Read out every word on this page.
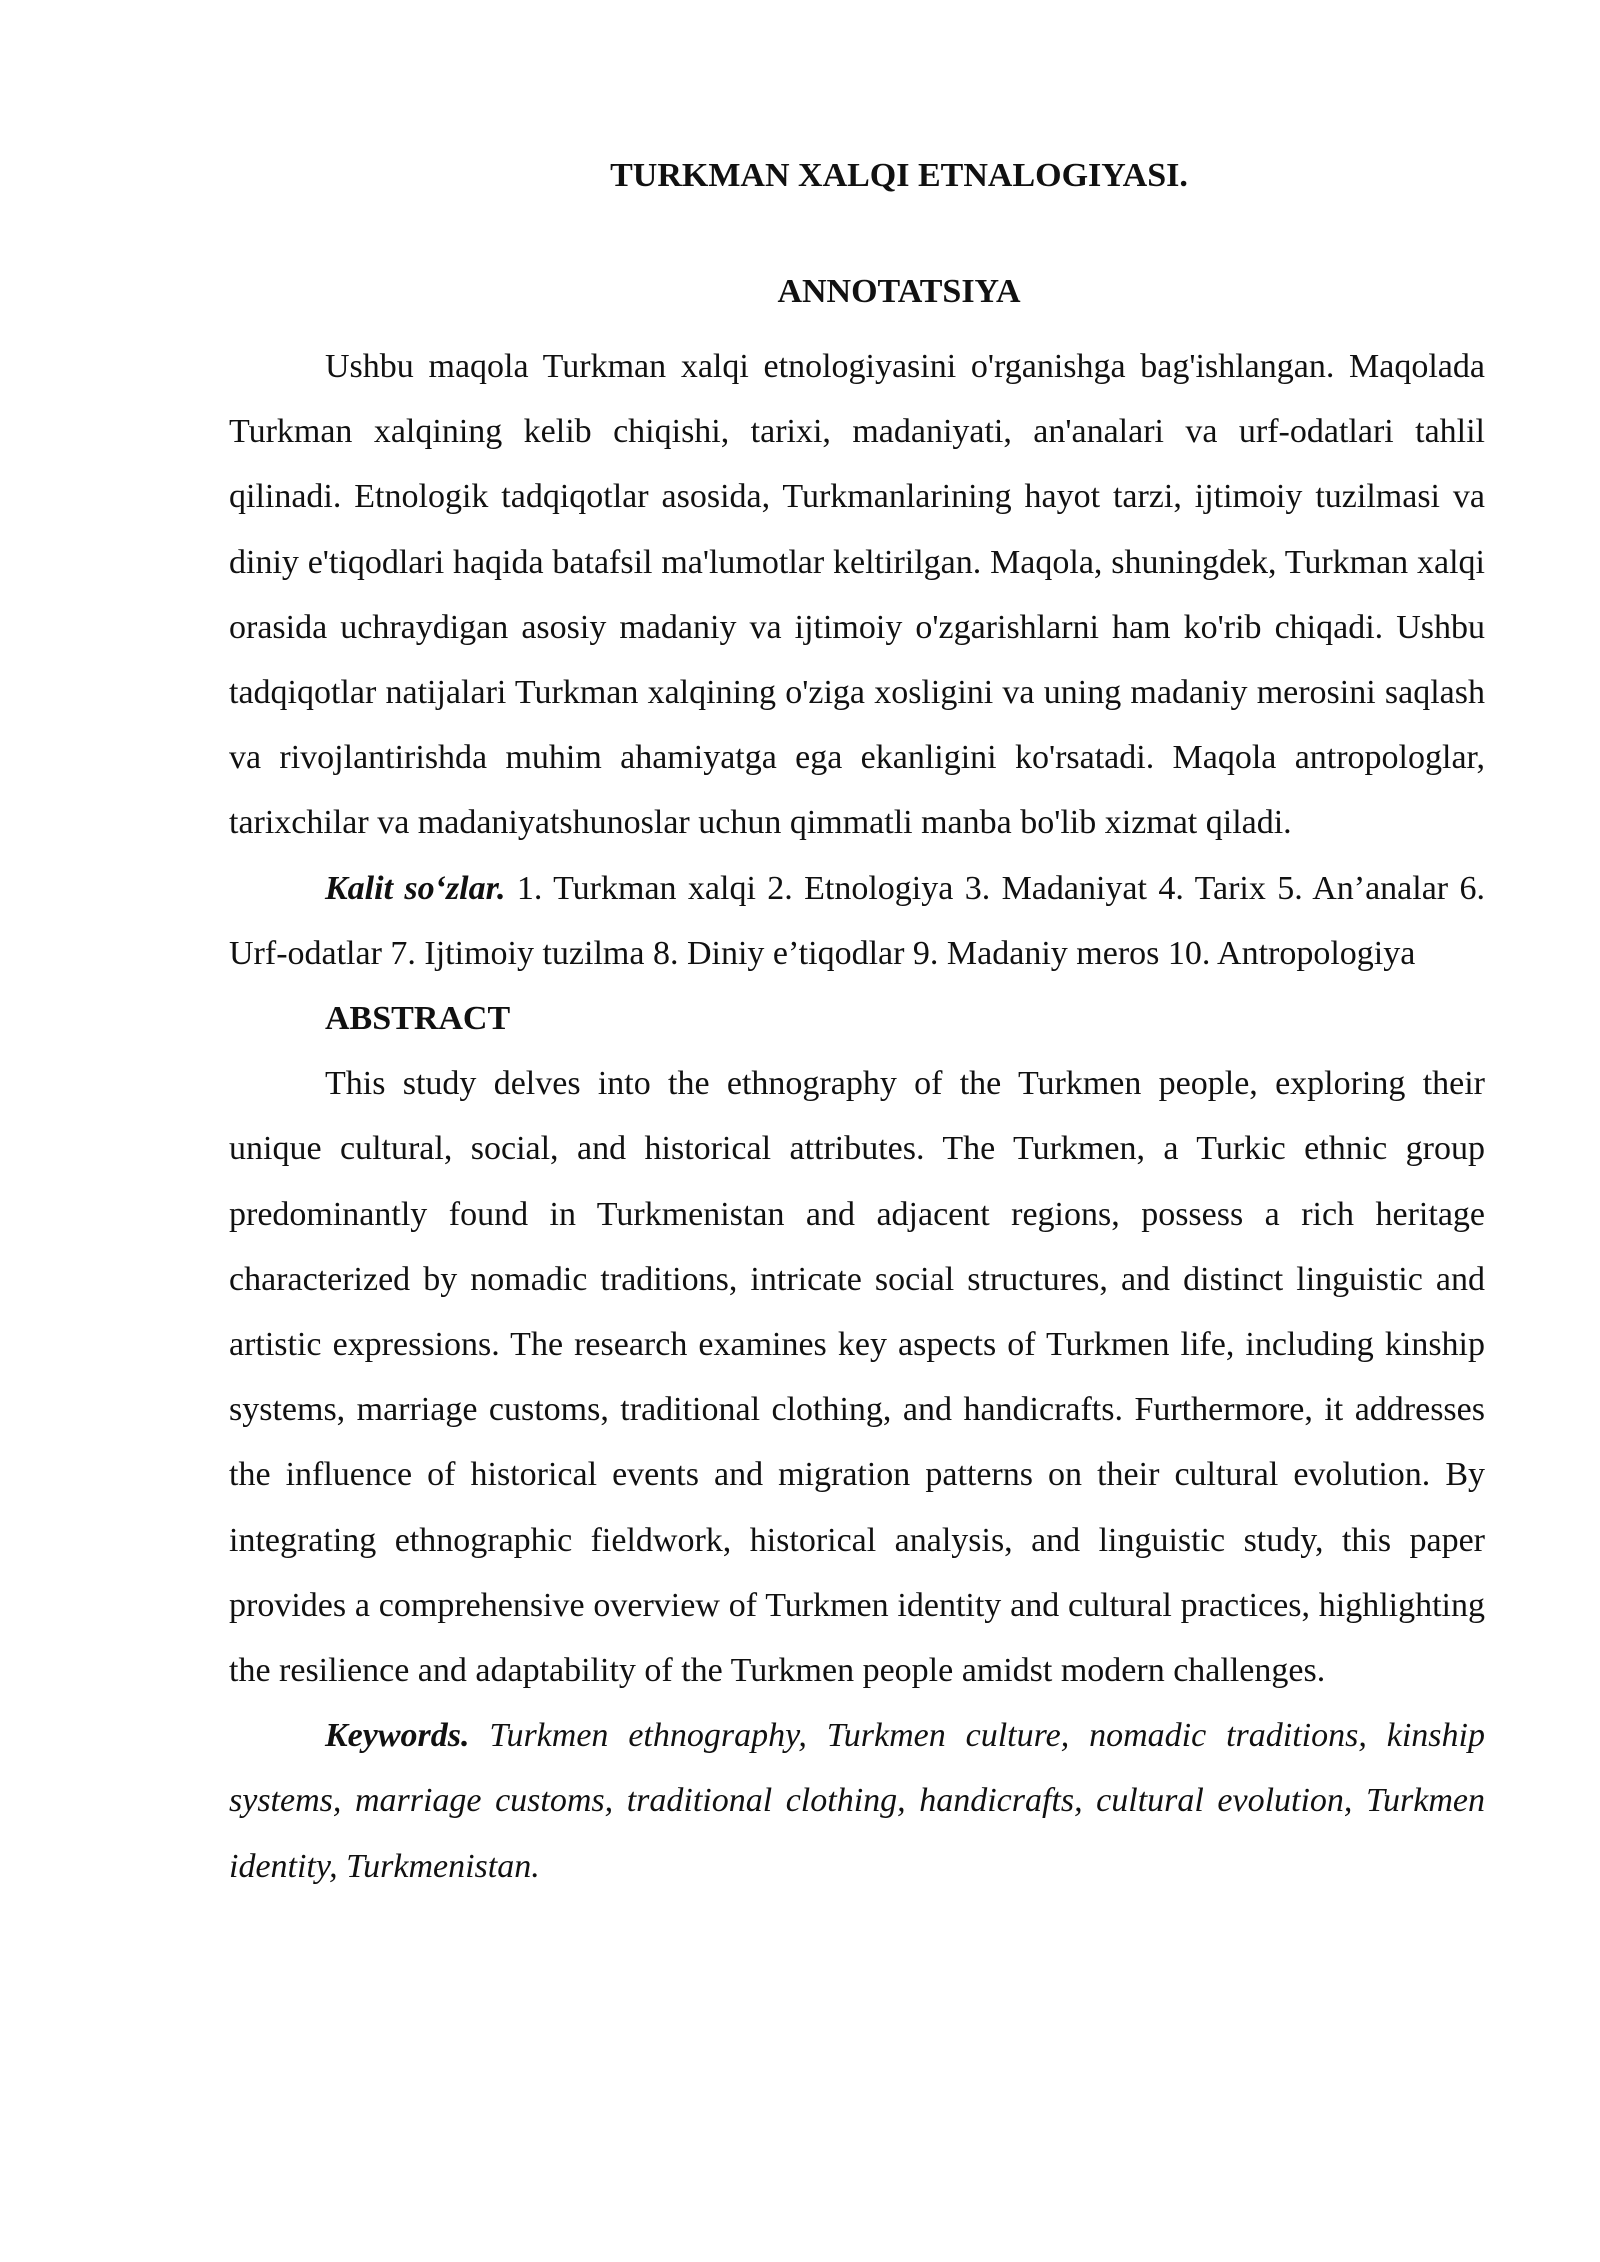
TURKMAN XALQI ETNALOGIYASI.
ANNOTATSIYA

Ushbu maqola Turkman xalqi etnologiyasini o'rganishga bag'ishlangan. Maqolada Turkman xalqining kelib chiqishi, tarixi, madaniyati, an'analari va urf-odatlari tahlil qilinadi. Etnologik tadqiqotlar asosida, Turkmanlarining hayot tarzi, ijtimoiy tuzilmasi va diniy e'tiqodlari haqida batafsil ma'lumotlar keltirilgan. Maqola, shuningdek, Turkman xalqi orasida uchraydigan asosiy madaniy va ijtimoiy o'zgarishlarni ham ko'rib chiqadi. Ushbu tadqiqotlar natijalari Turkman xalqining o'ziga xosligini va uning madaniy merosini saqlash va rivojlantirishda muhim ahamiyatga ega ekanligini ko'rsatadi. Maqola antropologlar, tarixchilar va madaniyatshunoslar uchun qimmatli manba bo'lib xizmat qiladi.

Kalit so‘zlar. 1. Turkman xalqi 2. Etnologiya 3. Madaniyat 4. Tarix 5. An’analar 6. Urf-odatlar 7. Ijtimoiy tuzilma 8. Diniy e’tiqodlar 9. Madaniy meros 10. Antropologiya

ABSTRACT

This study delves into the ethnography of the Turkmen people, exploring their unique cultural, social, and historical attributes. The Turkmen, a Turkic ethnic group predominantly found in Turkmenistan and adjacent regions, possess a rich heritage characterized by nomadic traditions, intricate social structures, and distinct linguistic and artistic expressions. The research examines key aspects of Turkmen life, including kinship systems, marriage customs, traditional clothing, and handicrafts. Furthermore, it addresses the influence of historical events and migration patterns on their cultural evolution. By integrating ethnographic fieldwork, historical analysis, and linguistic study, this paper provides a comprehensive overview of Turkmen identity and cultural practices, highlighting the resilience and adaptability of the Turkmen people amidst modern challenges.

Keywords. Turkmen ethnography, Turkmen culture, nomadic traditions, kinship systems, marriage customs, traditional clothing, handicrafts, cultural evolution, Turkmen identity, Turkmenistan.
